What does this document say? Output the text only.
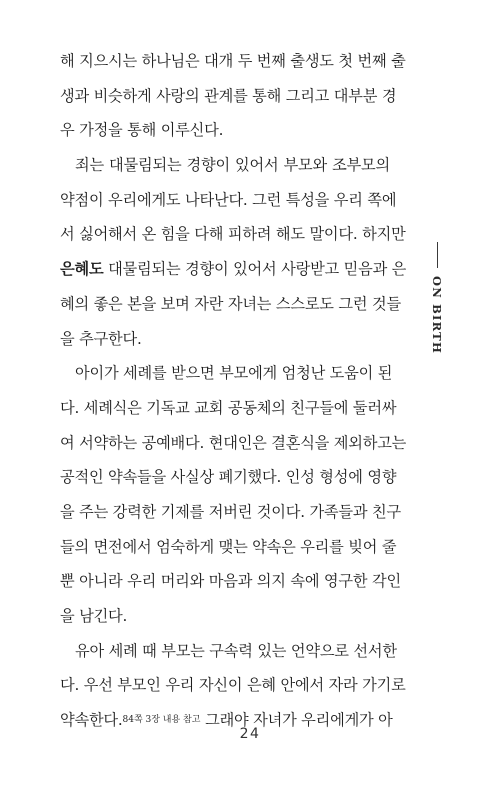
해 지으시는 하나님은 대개 두 번째 출생도 첫 번째 출
생과 비슷하게 사랑의 관계를 통해 그리고 대부분 경
우 가정을 통해 이루신다.
죄는 대물림되는 경향이 있어서 부모와 조부모의
약점이 우리에게도 나타난다. 그런 특성을 우리 쪽에
서 싫어해서 온 힘을 다해 피하려 해도 말이다. 하지만
은혜도 대물림되는 경향이 있어서 사랑받고 믿음과 은
혜의 좋은 본을 보며 자란 자녀는 스스로도 그런 것들
을 추구한다.
아이가 세례를 받으면 부모에게 엄청난 도움이 된
다. 세례식은 기독교 교회 공동체의 친구들에 둘러싸
여 서약하는 공예배다. 현대인은 결혼식을 제외하고는
공적인 약속들을 사실상 폐기했다. 인성 형성에 영향
을 주는 강력한 기제를 저버린 것이다. 가족들과 친구
들의 면전에서 엄숙하게 맺는 약속은 우리를 빚어 줄
뿐 아니라 우리 머리와 마음과 의지 속에 영구한 각인
을 남긴다.
유아 세례 때 부모는 구속력 있는 언약으로 선서한
다. 우선 부모인 우리 자신이 은혜 안에서 자라 가기로
약속한다.84쪽 3장 내용 참고 그래야 자녀가 우리에게가 아
ON BIRTH
24
